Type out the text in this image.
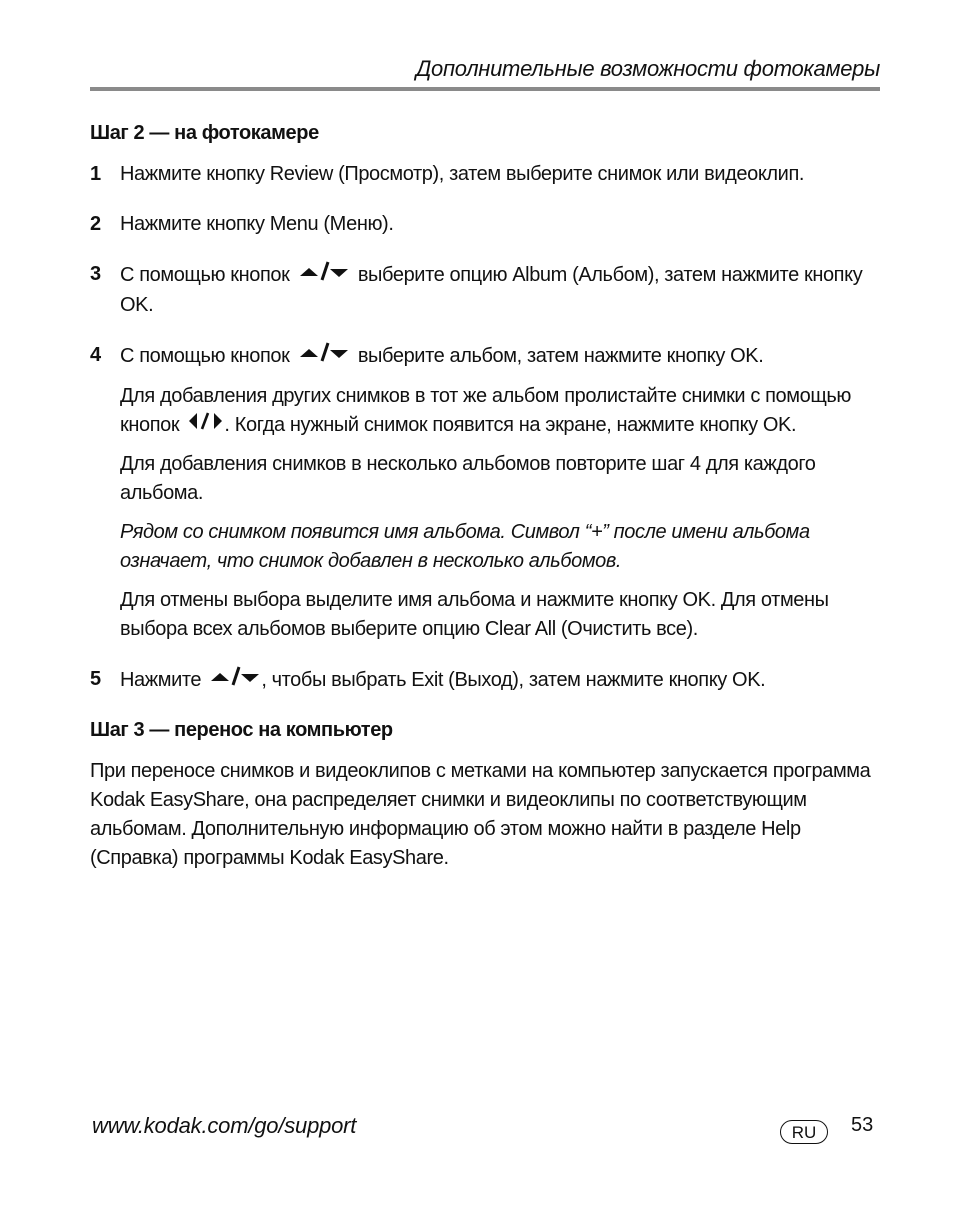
Дополнительные возможности фотокамеры
Шаг 2 — на фотокамере
1 Нажмите кнопку Review (Просмотр), затем выберите снимок или видеоклип.

2 Нажмите кнопку Menu (Меню).

3 С помощью кнопок	выберите опцию Album (Альбом), затем нажмите кнопку OK.

4 С помощью кнопок	выберите альбом, затем нажмите кнопку OK.

Для добавления других снимков в тот же альбом пролистайте снимки с помощью кнопок . Когда нужный снимок появится на экране, нажмите кнопку OK.

Для добавления снимков в несколько альбомов повторите шаг 4 для каждого альбома.

Рядом со снимком появится имя альбома. Символ “+” после имени альбома означает, что снимок добавлен в несколько альбомов.

Для отмены выбора выделите имя альбома и нажмите кнопку OK. Для отмены выбора всех альбомов выберите опцию Clear All (Очистить все).

5 Нажмите	, чтобы выбрать Exit (Выход), затем нажмите кнопку OK.

Шаг 3 — перенос на компьютер

При переносе снимков и видеоклипов с метками на компьютер запускается программа Kodak EasyShare, она распределяет снимки и видеоклипы по соответствующим альбомам. Дополнительную информацию об этом можно найти в разделе Help (Справка) программы Kodak EasyShare.

www.kodak.com/go/support	RU	53
